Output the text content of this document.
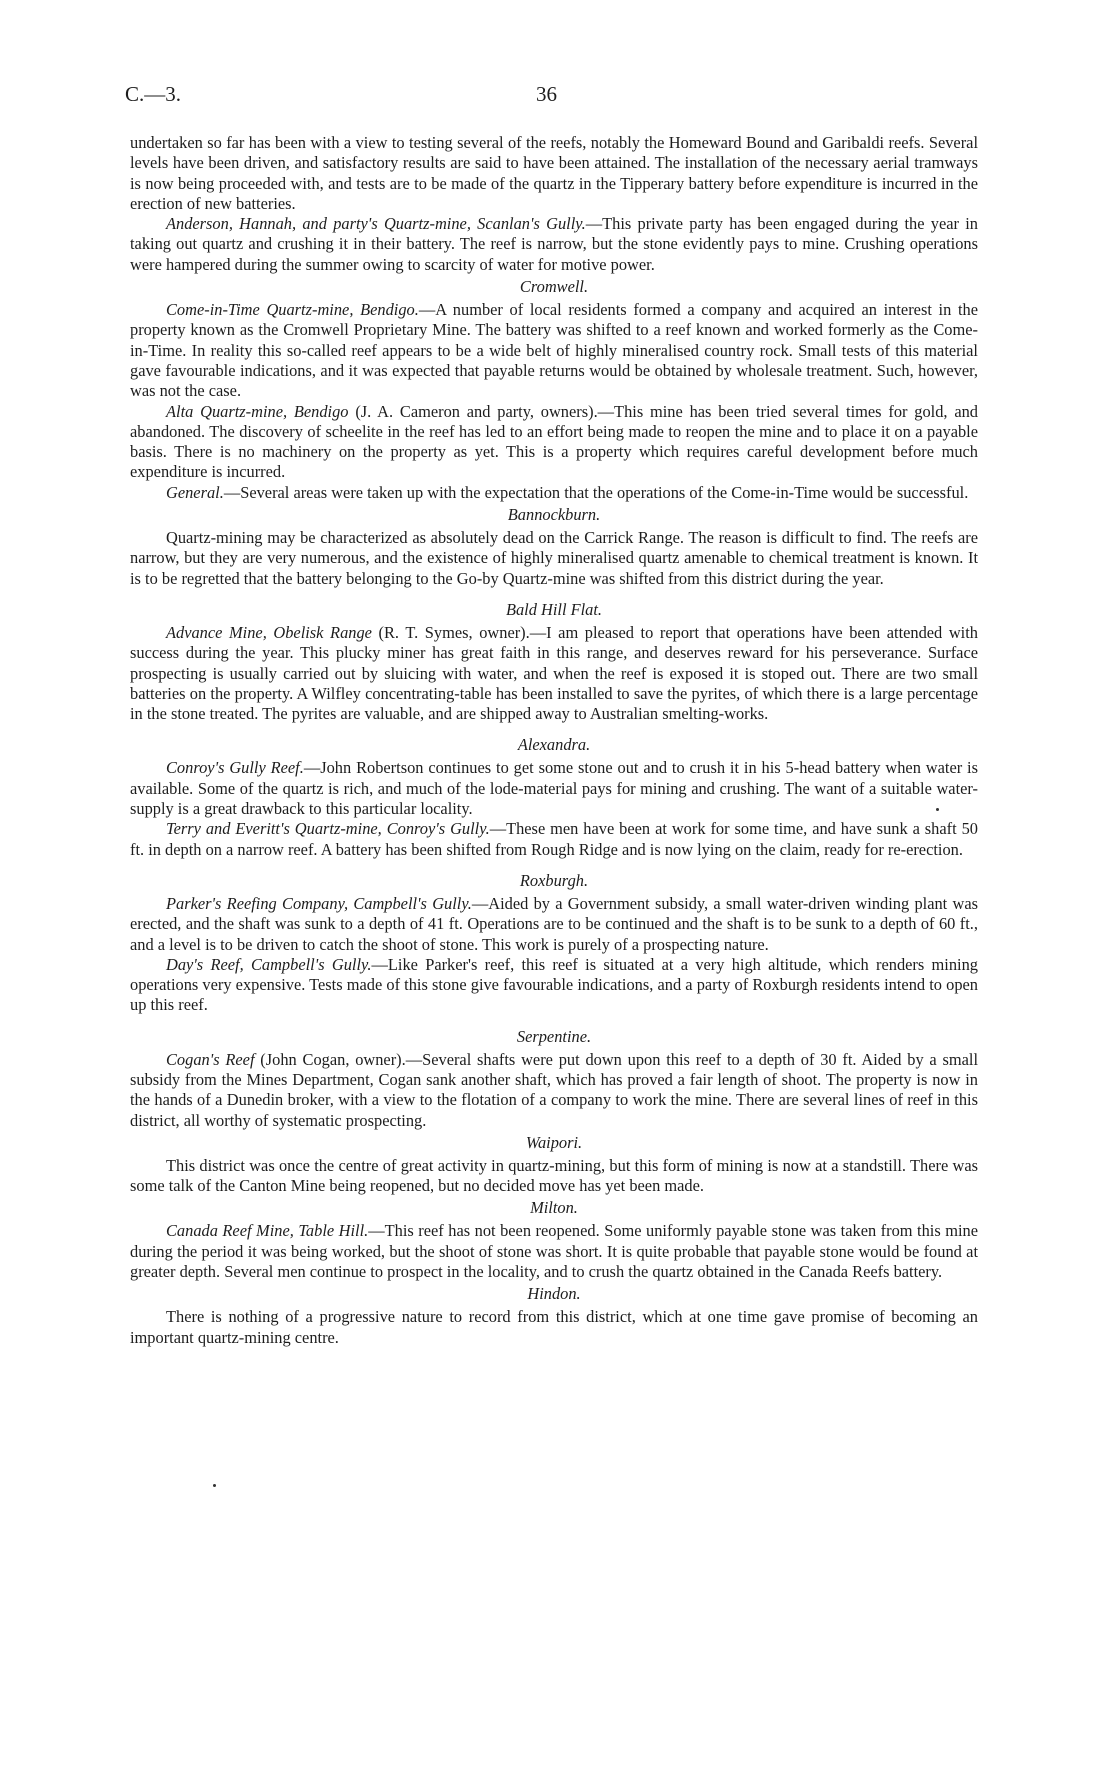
C.—3.	36

undertaken so far has been with a view to testing several of the reefs, notably the Homeward Bound and Garibaldi reefs. Several levels have been driven, and satisfactory results are said to have been attained. The installation of the necessary aerial tramways is now being proceeded with, and tests are to be made of the quartz in the Tipperary battery before expenditure is incurred in the erection of new batteries.

Anderson, Hannah, and party's Quartz-mine, Scanlan's Gully.—This private party has been engaged during the year in taking out quartz and crushing it in their battery. The reef is narrow, but the stone evidently pays to mine. Crushing operations were hampered during the summer owing to scarcity of water for motive power.

Cromwell.

Come-in-Time Quartz-mine, Bendigo.—A number of local residents formed a company and acquired an interest in the property known as the Cromwell Proprietary Mine. The battery was shifted to a reef known and worked formerly as the Come-in-Time. In reality this so-called reef appears to be a wide belt of highly mineralised country rock. Small tests of this material gave favourable indications, and it was expected that payable returns would be obtained by wholesale treatment. Such, however, was not the case.

Alta Quartz-mine, Bendigo (J. A. Cameron and party, owners).—This mine has been tried several times for gold, and abandoned. The discovery of scheelite in the reef has led to an effort being made to reopen the mine and to place it on a payable basis. There is no machinery on the property as yet. This is a property which requires careful development before much expenditure is incurred.

General.—Several areas were taken up with the expectation that the operations of the Come-in-Time would be successful.

Bannockburn.

Quartz-mining may be characterized as absolutely dead on the Carrick Range. The reason is difficult to find. The reefs are narrow, but they are very numerous, and the existence of highly mineralised quartz amenable to chemical treatment is known. It is to be regretted that the battery belonging to the Go-by Quartz-mine was shifted from this district during the year.

Bald Hill Flat.

Advance Mine, Obelisk Range (R. T. Symes, owner).—I am pleased to report that operations have been attended with success during the year. This plucky miner has great faith in this range, and deserves reward for his perseverance. Surface prospecting is usually carried out by sluicing with water, and when the reef is exposed it is stoped out. There are two small batteries on the property. A Wilfley concentrating-table has been installed to save the pyrites, of which there is a large percentage in the stone treated. The pyrites are valuable, and are shipped away to Australian smelting-works.

Alexandra.

Conroy's Gully Reef.—John Robertson continues to get some stone out and to crush it in his 5-head battery when water is available. Some of the quartz is rich, and much of the lode-material pays for mining and crushing. The want of a suitable water-supply is a great drawback to this particular locality.

Terry and Everitt's Quartz-mine, Conroy's Gully.—These men have been at work for some time, and have sunk a shaft 50 ft. in depth on a narrow reef. A battery has been shifted from Rough Ridge and is now lying on the claim, ready for re-erection.

Roxburgh.

Parker's Reefing Company, Campbell's Gully.—Aided by a Government subsidy, a small water-driven winding plant was erected, and the shaft was sunk to a depth of 41 ft. Operations are to be continued and the shaft is to be sunk to a depth of 60 ft., and a level is to be driven to catch the shoot of stone. This work is purely of a prospecting nature.

Day's Reef, Campbell's Gully.—Like Parker's reef, this reef is situated at a very high altitude, which renders mining operations very expensive. Tests made of this stone give favourable indications, and a party of Roxburgh residents intend to open up this reef.

Serpentine.

Cogan's Reef (John Cogan, owner).—Several shafts were put down upon this reef to a depth of 30 ft. Aided by a small subsidy from the Mines Department, Cogan sank another shaft, which has proved a fair length of shoot. The property is now in the hands of a Dunedin broker, with a view to the flotation of a company to work the mine. There are several lines of reef in this district, all worthy of systematic prospecting.

Waipori.

This district was once the centre of great activity in quartz-mining, but this form of mining is now at a standstill. There was some talk of the Canton Mine being reopened, but no decided move has yet been made.

Milton.

Canada Reef Mine, Table Hill.—This reef has not been reopened. Some uniformly payable stone was taken from this mine during the period it was being worked, but the shoot of stone was short. It is quite probable that payable stone would be found at greater depth. Several men continue to prospect in the locality, and to crush the quartz obtained in the Canada Reefs battery.

Hindon.

There is nothing of a progressive nature to record from this district, which at one time gave promise of becoming an important quartz-mining centre.
